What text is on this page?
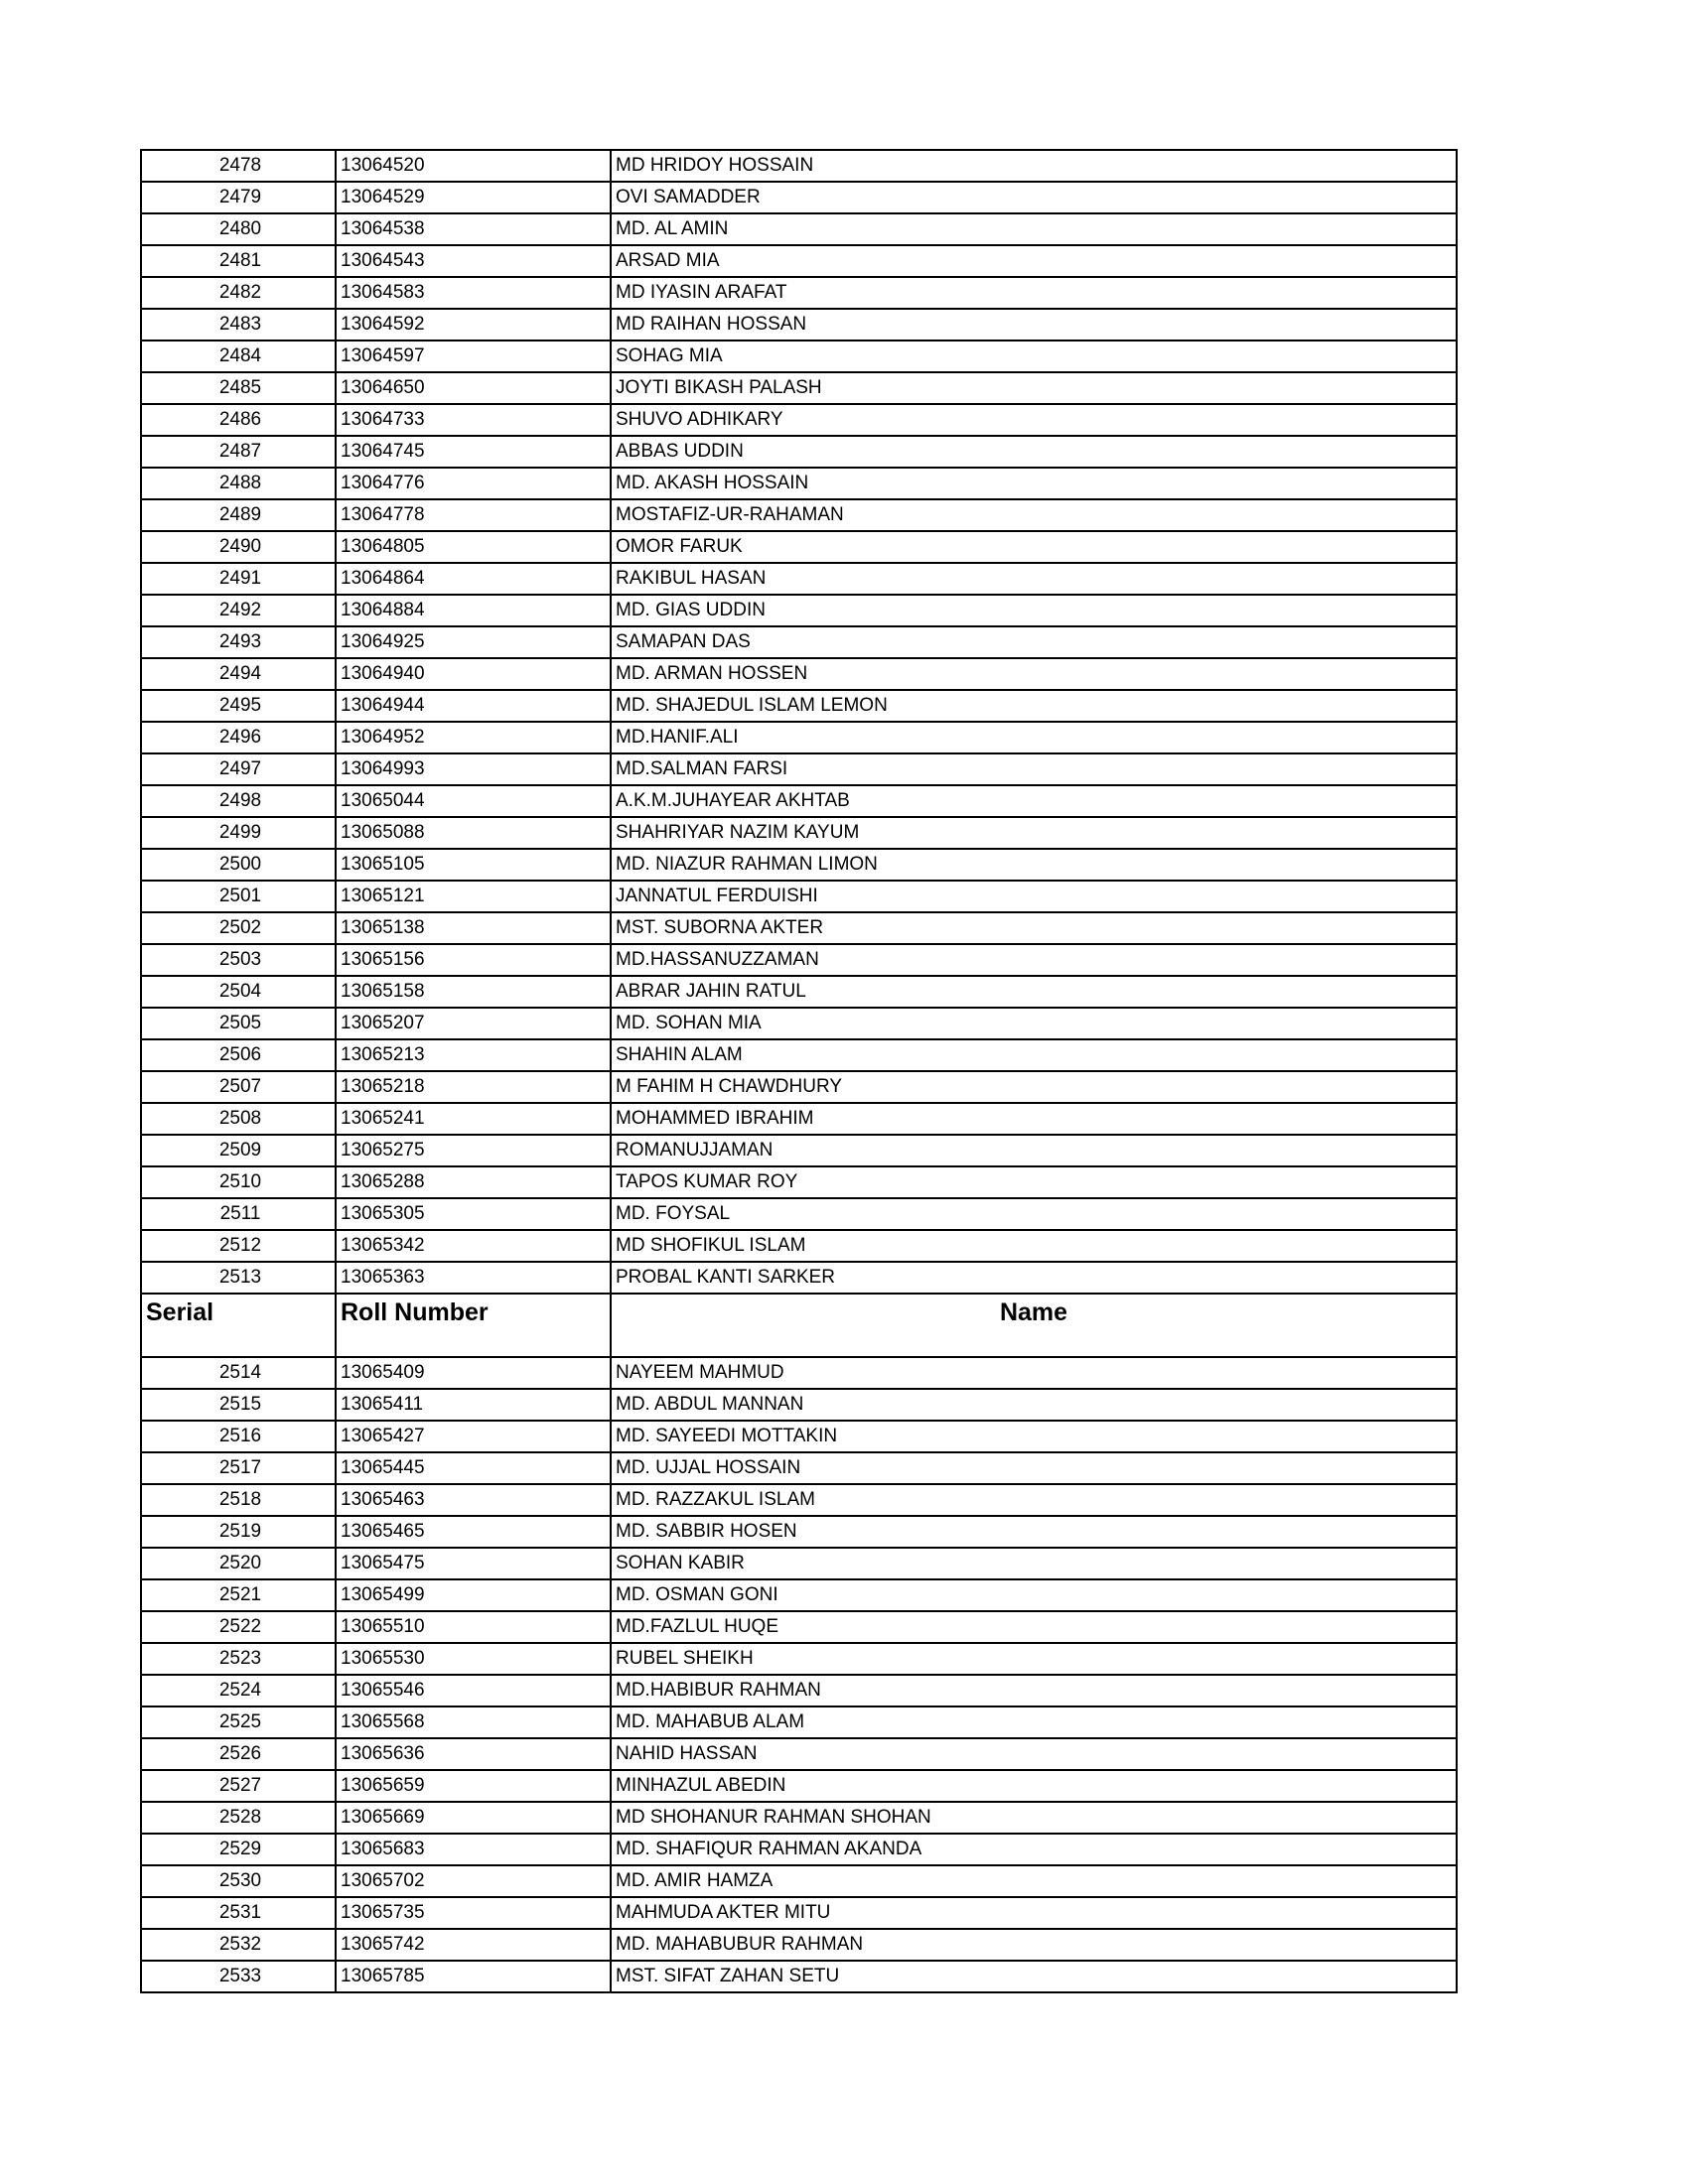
2478	13064520	MD HRIDOY HOSSAIN
2479	13064529	OVI SAMADDER
2480	13064538	MD. AL AMIN
2481	13064543	ARSAD MIA
2482	13064583	MD IYASIN ARAFAT
2483	13064592	MD RAIHAN HOSSAN
2484	13064597	SOHAG MIA
2485	13064650	JOYTI BIKASH PALASH
2486	13064733	SHUVO ADHIKARY
2487	13064745	ABBAS UDDIN
2488	13064776	MD. AKASH HOSSAIN
2489	13064778	MOSTAFIZ-UR-RAHAMAN
2490	13064805	OMOR FARUK
2491	13064864	RAKIBUL HASAN
2492	13064884	MD. GIAS UDDIN
2493	13064925	SAMAPAN DAS
2494	13064940	MD. ARMAN HOSSEN
2495	13064944	MD. SHAJEDUL ISLAM LEMON
2496	13064952	MD.HANIF.ALI
2497	13064993	MD.SALMAN FARSI
2498	13065044	A.K.M.JUHAYEAR AKHTAB
2499	13065088	SHAHRIYAR NAZIM KAYUM
2500	13065105	MD. NIAZUR RAHMAN LIMON
2501	13065121	JANNATUL FERDUISHI
2502	13065138	MST. SUBORNA AKTER
2503	13065156	MD.HASSANUZZAMAN
2504	13065158	ABRAR JAHIN RATUL
2505	13065207	MD. SOHAN MIA
2506	13065213	SHAHIN ALAM
2507	13065218	M FAHIM H CHAWDHURY
2508	13065241	MOHAMMED IBRAHIM
2509	13065275	ROMANUJJAMAN
2510	13065288	TAPOS KUMAR ROY
2511	13065305	MD. FOYSAL
2512	13065342	MD SHOFIKUL ISLAM
2513	13065363	PROBAL KANTI SARKER
Serial	Roll Number	Name
2514	13065409	NAYEEM MAHMUD
2515	13065411	MD. ABDUL MANNAN
2516	13065427	MD. SAYEEDI MOTTAKIN
2517	13065445	MD. UJJAL HOSSAIN
2518	13065463	MD. RAZZAKUL ISLAM
2519	13065465	MD. SABBIR HOSEN
2520	13065475	SOHAN KABIR
2521	13065499	MD. OSMAN GONI
2522	13065510	MD.FAZLUL HUQE
2523	13065530	RUBEL SHEIKH
2524	13065546	MD.HABIBUR RAHMAN
2525	13065568	MD. MAHABUB ALAM
2526	13065636	NAHID HASSAN
2527	13065659	MINHAZUL ABEDIN
2528	13065669	MD SHOHANUR RAHMAN SHOHAN
2529	13065683	MD. SHAFIQUR RAHMAN AKANDA
2530	13065702	MD. AMIR HAMZA
2531	13065735	MAHMUDA AKTER MITU
2532	13065742	MD. MAHABUBUR RAHMAN
2533	13065785	MST. SIFAT ZAHAN SETU
